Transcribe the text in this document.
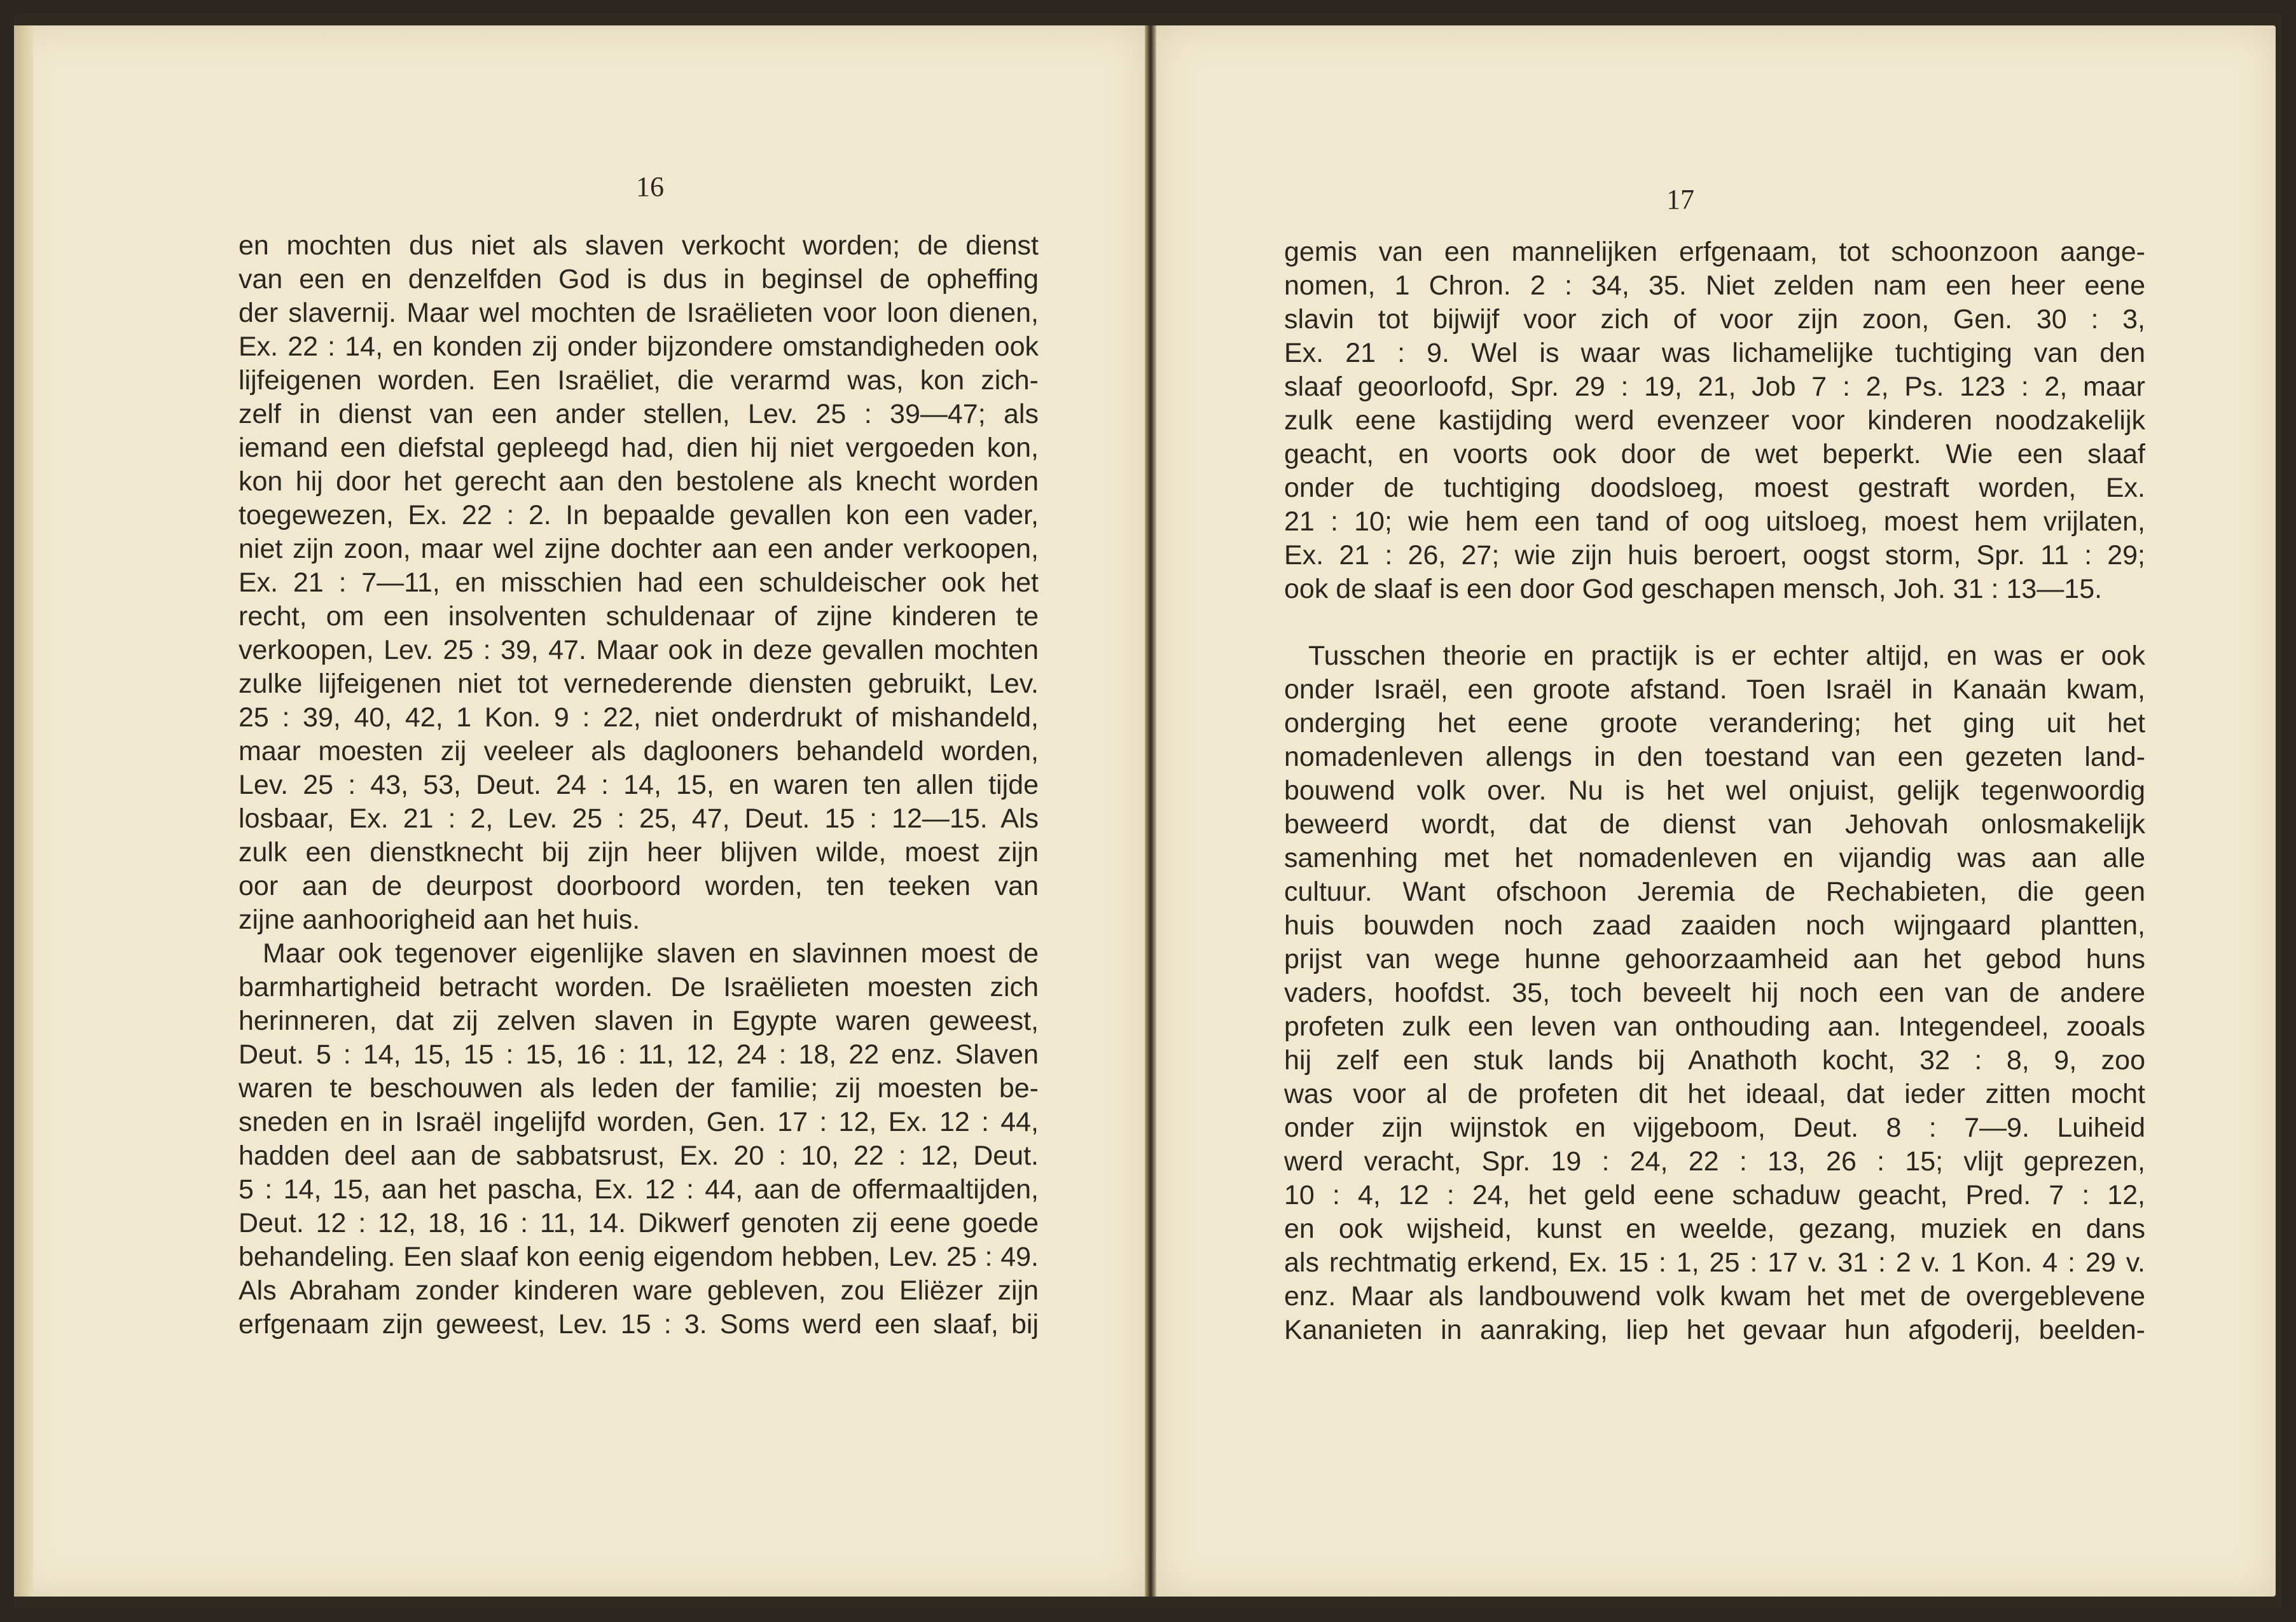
16
en mochten dus niet als slaven verkocht worden; de dienst
van een en denzelfden God is dus in beginsel de opheffing
der slavernij. Maar wel mochten de Israëlieten voor loon dienen,
Ex. 22 : 14, en konden zij onder bijzondere omstandigheden ook
lijfeigenen worden. Een Israëliet, die verarmd was, kon zich-
zelf in dienst van een ander stellen, Lev. 25 : 39—47; als
iemand een diefstal gepleegd had, dien hij niet vergoeden kon,
kon hij door het gerecht aan den bestolene als knecht worden
toegewezen, Ex. 22 : 2. In bepaalde gevallen kon een vader,
niet zijn zoon, maar wel zijne dochter aan een ander verkoopen,
Ex. 21 : 7—11, en misschien had een schuldeischer ook het
recht, om een insolventen schuldenaar of zijne kinderen te
verkoopen, Lev. 25 : 39, 47. Maar ook in deze gevallen mochten
zulke lijfeigenen niet tot vernederende diensten gebruikt, Lev.
25 : 39, 40, 42, 1 Kon. 9 : 22, niet onderdrukt of mishandeld,
maar moesten zij veeleer als daglooners behandeld worden,
Lev. 25 : 43, 53, Deut. 24 : 14, 15, en waren ten allen tijde
losbaar, Ex. 21 : 2, Lev. 25 : 25, 47, Deut. 15 : 12—15. Als
zulk een dienstknecht bij zijn heer blijven wilde, moest zijn
oor aan de deurpost doorboord worden, ten teeken van
zijne aanhoorigheid aan het huis.
Maar ook tegenover eigenlijke slaven en slavinnen moest de
barmhartigheid betracht worden. De Israëlieten moesten zich
herinneren, dat zij zelven slaven in Egypte waren geweest,
Deut. 5 : 14, 15, 15 : 15, 16 : 11, 12, 24 : 18, 22 enz. Slaven
waren te beschouwen als leden der familie; zij moesten be-
sneden en in Israël ingelijfd worden, Gen. 17 : 12, Ex. 12 : 44,
hadden deel aan de sabbatsrust, Ex. 20 : 10, 22 : 12, Deut.
5 : 14, 15, aan het pascha, Ex. 12 : 44, aan de offermaaltijden,
Deut. 12 : 12, 18, 16 : 11, 14. Dikwerf genoten zij eene goede
behandeling. Een slaaf kon eenig eigendom hebben, Lev. 25 : 49.
Als Abraham zonder kinderen ware gebleven, zou Eliëzer zijn
erfgenaam zijn geweest, Lev. 15 : 3. Soms werd een slaaf, bij
17
gemis van een mannelijken erfgenaam, tot schoonzoon aange-
nomen, 1 Chron. 2 : 34, 35. Niet zelden nam een heer eene
slavin tot bijwijf voor zich of voor zijn zoon, Gen. 30 : 3,
Ex. 21 : 9. Wel is waar was lichamelijke tuchtiging van den
slaaf geoorloofd, Spr. 29 : 19, 21, Job 7 : 2, Ps. 123 : 2, maar
zulk eene kastijding werd evenzeer voor kinderen noodzakelijk
geacht, en voorts ook door de wet beperkt. Wie een slaaf
onder de tuchtiging doodsloeg, moest gestraft worden, Ex.
21 : 10; wie hem een tand of oog uitsloeg, moest hem vrijlaten,
Ex. 21 : 26, 27; wie zijn huis beroert, oogst storm, Spr. 11 : 29;
ook de slaaf is een door God geschapen mensch, Joh. 31 : 13—15.
Tusschen theorie en practijk is er echter altijd, en was er ook
onder Israël, een groote afstand. Toen Israël in Kanaän kwam,
onderging het eene groote verandering; het ging uit het
nomadenleven allengs in den toestand van een gezeten land-
bouwend volk over. Nu is het wel onjuist, gelijk tegenwoordig
beweerd wordt, dat de dienst van Jehovah onlosmakelijk
samenhing met het nomadenleven en vijandig was aan alle
cultuur. Want ofschoon Jeremia de Rechabieten, die geen
huis bouwden noch zaad zaaiden noch wijngaard plantten,
prijst van wege hunne gehoorzaamheid aan het gebod huns
vaders, hoofdst. 35, toch beveelt hij noch een van de andere
profeten zulk een leven van onthouding aan. Integendeel, zooals
hij zelf een stuk lands bij Anathoth kocht, 32 : 8, 9, zoo
was voor al de profeten dit het ideaal, dat ieder zitten mocht
onder zijn wijnstok en vijgeboom, Deut. 8 : 7—9. Luiheid
werd veracht, Spr. 19 : 24, 22 : 13, 26 : 15; vlijt geprezen,
10 : 4, 12 : 24, het geld eene schaduw geacht, Pred. 7 : 12,
en ook wijsheid, kunst en weelde, gezang, muziek en dans
als rechtmatig erkend, Ex. 15 : 1, 25 : 17 v. 31 : 2 v. 1 Kon. 4 : 29 v.
enz. Maar als landbouwend volk kwam het met de overgeblevene
Kananieten in aanraking, liep het gevaar hun afgoderij, beelden-
